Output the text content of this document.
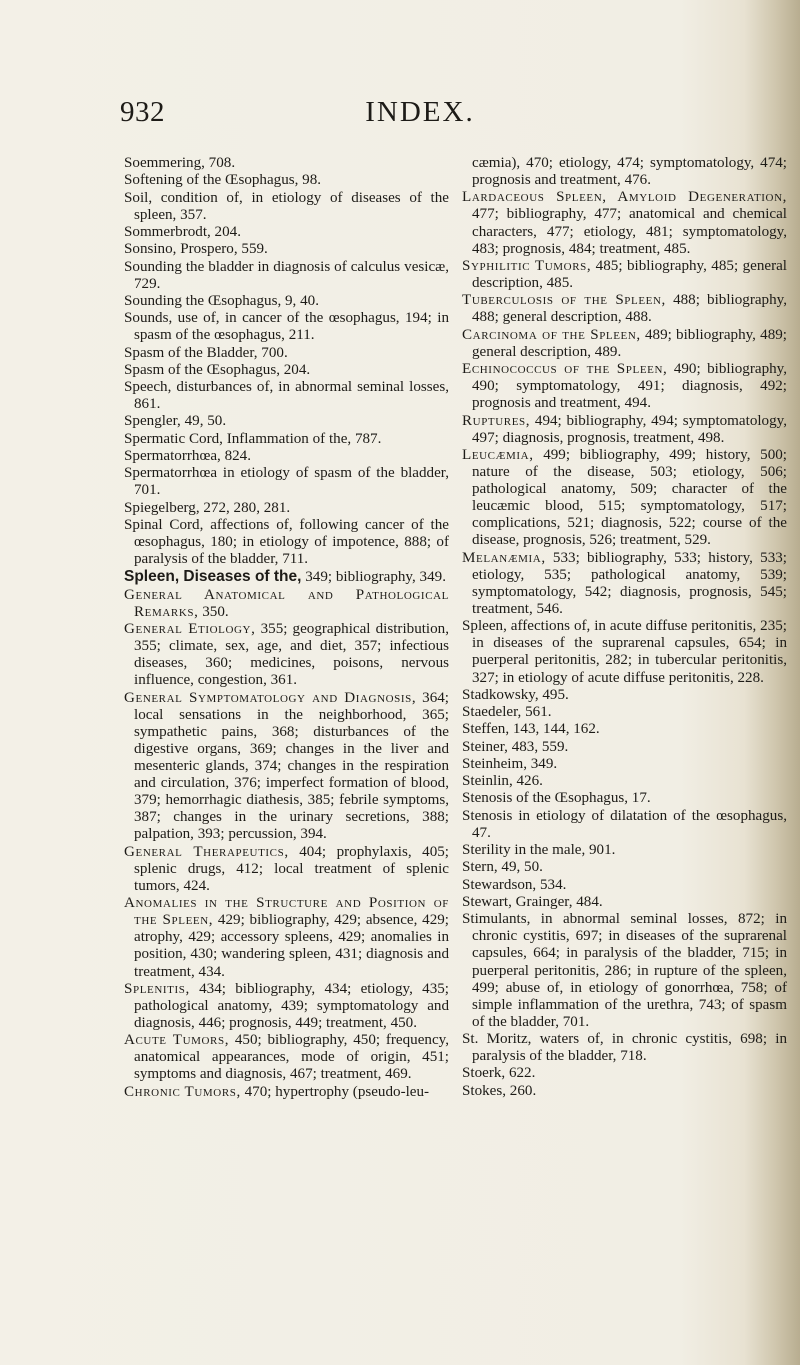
932	INDEX.
Soemmering, 708.
Softening of the Œsophagus, 98.
Soil, condition of, in etiology of diseases of the spleen, 357.
Sommerbrodt, 204.
Sonsino, Prospero, 559.
Sounding the bladder in diagnosis of calculus vesicæ, 729.
Sounding the Œsophagus, 9, 40.
Sounds, use of, in cancer of the œsophagus, 194; in spasm of the œsophagus, 211.
Spasm of the Bladder, 700.
Spasm of the Œsophagus, 204.
Speech, disturbances of, in abnormal seminal losses, 861.
Spengler, 49, 50.
Spermatic Cord, Inflammation of the, 787.
Spermatorrhœa, 824.
Spermatorrhœa in etiology of spasm of the bladder, 701.
Spiegelberg, 272, 280, 281.
Spinal Cord, affections of, following cancer of the œsophagus, 180; in etiology of impotence, 888; of paralysis of the bladder, 711.
Spleen, Diseases of the, 349; bibliography, 349.
General Anatomical and Pathological Remarks, 350.
General Etiology, 355; geographical distribution, 355; climate, sex, age, and diet, 357; infectious diseases, 360; medicines, poisons, nervous influence, congestion, 361.
General Symptomatology and Diagnosis, 364; local sensations in the neighborhood, 365; sympathetic pains, 368; disturbances of the digestive organs, 369; changes in the liver and mesenteric glands, 374; changes in the respiration and circulation, 376; imperfect formation of blood, 379; hemorrhagic diathesis, 385; febrile symptoms, 387; changes in the urinary secretions, 388; palpation, 393; percussion, 394.
General Therapeutics, 404; prophylaxis, 405; splenic drugs, 412; local treatment of splenic tumors, 424.
Anomalies in the Structure and Position of the Spleen, 429; bibliography, 429; absence, 429; atrophy, 429; accessory spleens, 429; anomalies in position, 430; wandering spleen, 431; diagnosis and treatment, 434.
Splenitis, 434; bibliography, 434; etiology, 435; pathological anatomy, 439; symptomatology and diagnosis, 446; prognosis, 449; treatment, 450.
Acute Tumors, 450; bibliography, 450; frequency, anatomical appearances, mode of origin, 451; symptoms and diagnosis, 467; treatment, 469.
Chronic Tumors, 470; hypertrophy (pseudo-leu-
cæmia), 470; etiology, 474; symptomatology, 474; prognosis and treatment, 476.
Lardaceous Spleen, Amyloid Degeneration, 477; bibliography, 477; anatomical and chemical characters, 477; etiology, 481; symptomatology, 483; prognosis, 484; treatment, 485.
Syphilitic Tumors, 485; bibliography, 485; general description, 485.
Tuberculosis of the Spleen, 488; bibliography, 488; general description, 488.
Carcinoma of the Spleen, 489; bibliography, 489; general description, 489.
Echinococcus of the Spleen, 490; bibliography, 490; symptomatology, 491; diagnosis, 492; prognosis and treatment, 494.
Ruptures, 494; bibliography, 494; symptomatology, 497; diagnosis, prognosis, treatment, 498.
Leucæmia, 499; bibliography, 499; history, 500; nature of the disease, 503; etiology, 506; pathological anatomy, 509; character of the leucæmic blood, 515; symptomatology, 517; complications, 521; diagnosis, 522; course of the disease, prognosis, 526; treatment, 529.
Melanæmia, 533; bibliography, 533; history, 533; etiology, 535; pathological anatomy, 539; symptomatology, 542; diagnosis, prognosis, 545; treatment, 546.
Spleen, affections of, in acute diffuse peritonitis, 235; in diseases of the suprarenal capsules, 654; in puerperal peritonitis, 282; in tubercular peritonitis, 327; in etiology of acute diffuse peritonitis, 228.
Stadkowsky, 495.
Staedeler, 561.
Steffen, 143, 144, 162.
Steiner, 483, 559.
Steinheim, 349.
Steinlin, 426.
Stenosis of the Œsophagus, 17.
Stenosis in etiology of dilatation of the œsophagus, 47.
Sterility in the male, 901.
Stern, 49, 50.
Stewardson, 534.
Stewart, Grainger, 484.
Stimulants, in abnormal seminal losses, 872; in chronic cystitis, 697; in diseases of the suprarenal capsules, 664; in paralysis of the bladder, 715; in puerperal peritonitis, 286; in rupture of the spleen, 499; abuse of, in etiology of gonorrhœa, 758; of simple inflammation of the urethra, 743; of spasm of the bladder, 701.
St. Moritz, waters of, in chronic cystitis, 698; in paralysis of the bladder, 718.
Stoerk, 622.
Stokes, 260.
